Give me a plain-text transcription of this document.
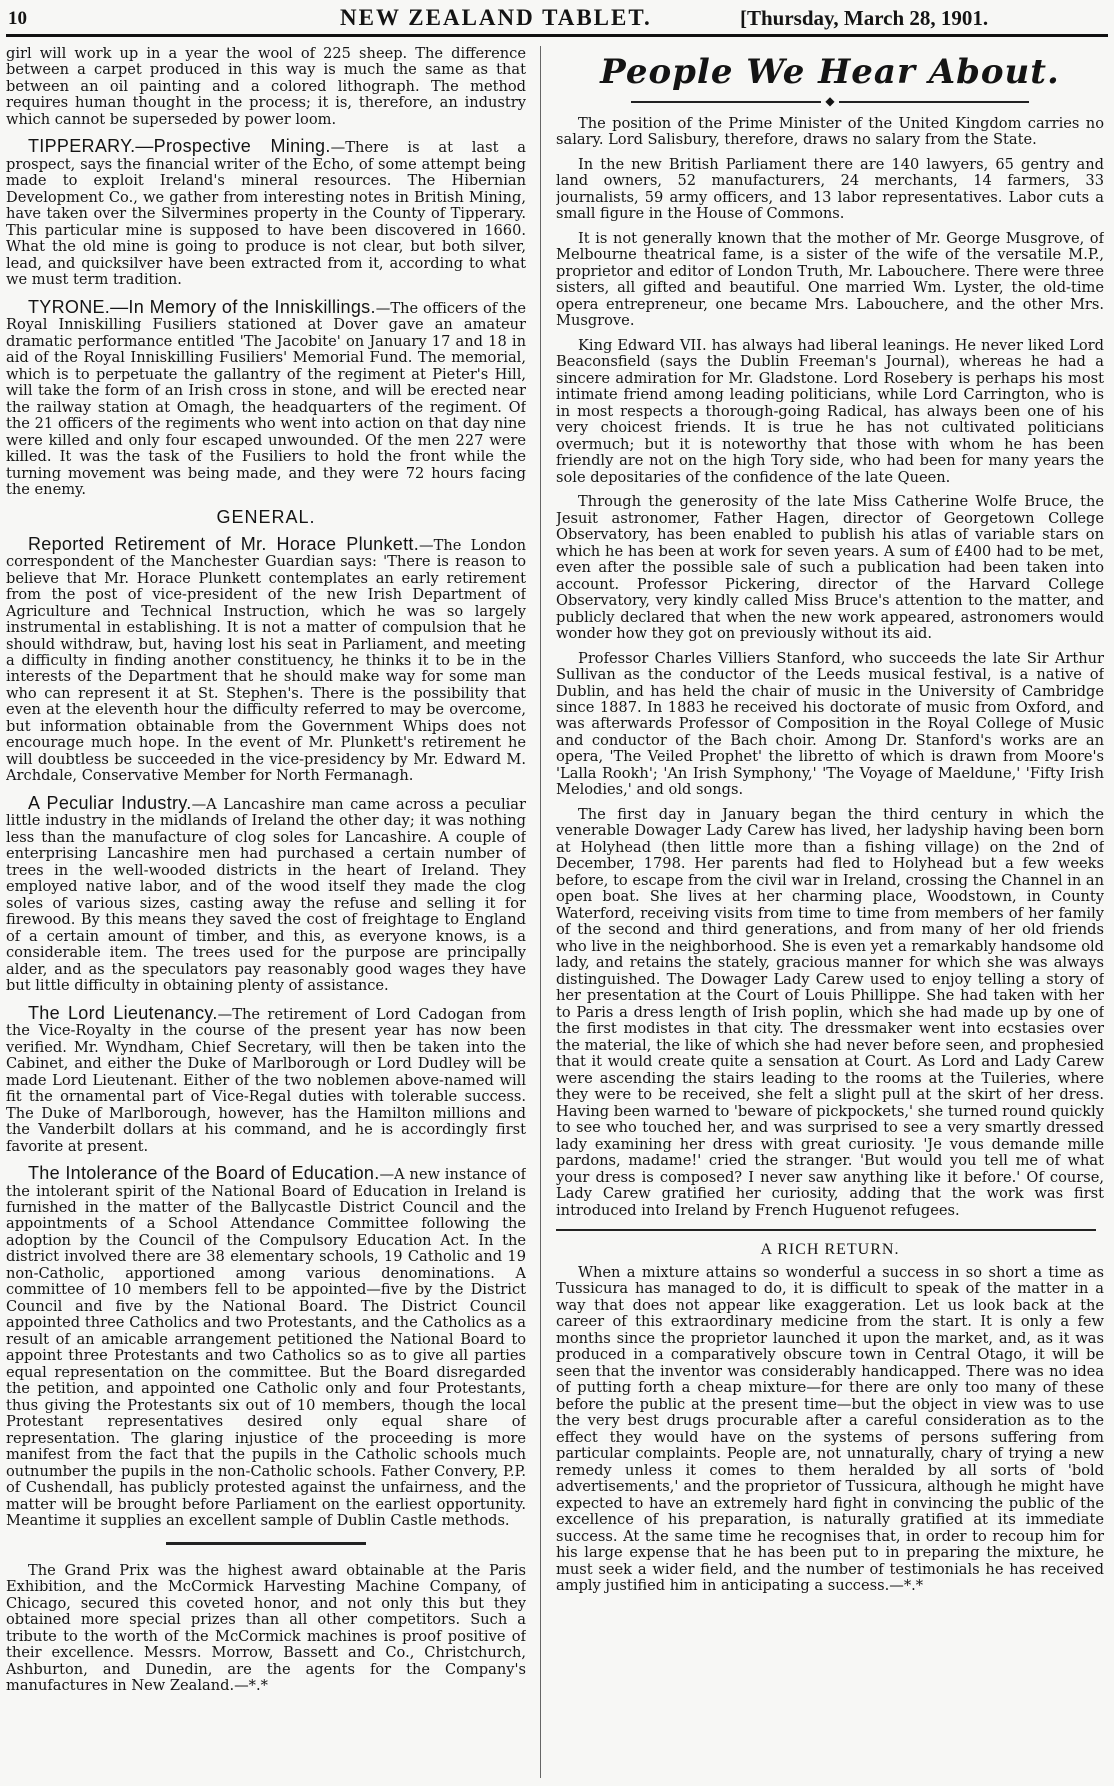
10	NEW ZEALAND TABLET.	[Thursday, March 28, 1901.

girl will work up in a year the wool of 225 sheep. The difference between a carpet produced in this way is much the same as that between an oil painting and a colored lithograph. The method requires human thought in the process; it is, therefore, an industry which cannot be superseded by power loom.

TIPPERARY.—Prospective Mining.—There is at last a prospect, says the financial writer of the Echo, of some attempt being made to exploit Ireland's mineral resources. The Hibernian Development Co., we gather from interesting notes in British Mining, have taken over the Silvermines property in the County of Tipperary. This particular mine is supposed to have been discovered in 1660. What the old mine is going to produce is not clear, but both silver, lead, and quicksilver have been extracted from it, according to what we must term tradition.

TYRONE.—In Memory of the Inniskillings.—The officers of the Royal Inniskilling Fusiliers stationed at Dover gave an amateur dramatic performance entitled 'The Jacobite' on January 17 and 18 in aid of the Royal Inniskilling Fusiliers' Memorial Fund. The memorial, which is to perpetuate the gallantry of the regiment at Pieter's Hill, will take the form of an Irish cross in stone, and will be erected near the railway station at Omagh, the headquarters of the regiment. Of the 21 officers of the regiments who went into action on that day nine were killed and only four escaped unwounded. Of the men 227 were killed. It was the task of the Fusiliers to hold the front while the turning movement was being made, and they were 72 hours facing the enemy.

GENERAL.

Reported Retirement of Mr. Horace Plunkett.—The London correspondent of the Manchester Guardian says: 'There is reason to believe that Mr. Horace Plunkett contemplates an early retirement from the post of vice-president of the new Irish Department of Agriculture and Technical Instruction, which he was so largely instrumental in establishing. It is not a matter of compulsion that he should withdraw, but, having lost his seat in Parliament, and meeting a difficulty in finding another constituency, he thinks it to be in the interests of the Department that he should make way for some man who can represent it at St. Stephen's. There is the possibility that even at the eleventh hour the difficulty referred to may be overcome, but information obtainable from the Government Whips does not encourage much hope. In the event of Mr. Plunkett's retirement he will doubtless be succeeded in the vice-presidency by Mr. Edward M. Archdale, Conservative Member for North Fermanagh.

A Peculiar Industry.—A Lancashire man came across a peculiar little industry in the midlands of Ireland the other day; it was nothing less than the manufacture of clog soles for Lancashire. A couple of enterprising Lancashire men had purchased a certain number of trees in the well-wooded districts in the heart of Ireland. They employed native labor, and of the wood itself they made the clog soles of various sizes, casting away the refuse and selling it for firewood. By this means they saved the cost of freightage to England of a certain amount of timber, and this, as everyone knows, is a considerable item. The trees used for the purpose are principally alder, and as the speculators pay reasonably good wages they have but little difficulty in obtaining plenty of assistance.

The Lord Lieutenancy.—The retirement of Lord Cadogan from the Vice-Royalty in the course of the present year has now been verified. Mr. Wyndham, Chief Secretary, will then be taken into the Cabinet, and either the Duke of Marlborough or Lord Dudley will be made Lord Lieutenant. Either of the two noblemen above-named will fit the ornamental part of Vice-Regal duties with tolerable success. The Duke of Marlborough, however, has the Hamilton millions and the Vanderbilt dollars at his command, and he is accordingly first favorite at present.

The Intolerance of the Board of Education.—A new instance of the intolerant spirit of the National Board of Education in Ireland is furnished in the matter of the Ballycastle District Council and the appointments of a School Attendance Committee following the adoption by the Council of the Compulsory Education Act. In the district involved there are 38 elementary schools, 19 Catholic and 19 non-Catholic, apportioned among various denominations. A committee of 10 members fell to be appointed—five by the District Council and five by the National Board. The District Council appointed three Catholics and two Protestants, and the Catholics as a result of an amicable arrangement petitioned the National Board to appoint three Protestants and two Catholics so as to give all parties equal representation on the committee. But the Board disregarded the petition, and appointed one Catholic only and four Protestants, thus giving the Protestants six out of 10 members, though the local Protestant representatives desired only equal share of representation. The glaring injustice of the proceeding is more manifest from the fact that the pupils in the Catholic schools much outnumber the pupils in the non-Catholic schools. Father Convery, P.P. of Cushendall, has publicly protested against the unfairness, and the matter will be brought before Parliament on the earliest opportunity. Meantime it supplies an excellent sample of Dublin Castle methods.

The Grand Prix was the highest award obtainable at the Paris Exhibition, and the McCormick Harvesting Machine Company, of Chicago, secured this coveted honor, and not only this but they obtained more special prizes than all other competitors. Such a tribute to the worth of the McCormick machines is proof positive of their excellence. Messrs. Morrow, Bassett and Co., Christchurch, Ashburton, and Dunedin, are the agents for the Company's manufactures in New Zealand.—*.*

People We Hear About.
◆

The position of the Prime Minister of the United Kingdom carries no salary. Lord Salisbury, therefore, draws no salary from the State.

In the new British Parliament there are 140 lawyers, 65 gentry and land owners, 52 manufacturers, 24 merchants, 14 farmers, 33 journalists, 59 army officers, and 13 labor representatives. Labor cuts a small figure in the House of Commons.

It is not generally known that the mother of Mr. George Musgrove, of Melbourne theatrical fame, is a sister of the wife of the versatile M.P., proprietor and editor of London Truth, Mr. Labouchere. There were three sisters, all gifted and beautiful. One married Wm. Lyster, the old-time opera entrepreneur, one became Mrs. Labouchere, and the other Mrs. Musgrove.

King Edward VII. has always had liberal leanings. He never liked Lord Beaconsfield (says the Dublin Freeman's Journal), whereas he had a sincere admiration for Mr. Gladstone. Lord Rosebery is perhaps his most intimate friend among leading politicians, while Lord Carrington, who is in most respects a thorough-going Radical, has always been one of his very choicest friends. It is true he has not cultivated politicians overmuch; but it is noteworthy that those with whom he has been friendly are not on the high Tory side, who had been for many years the sole depositaries of the confidence of the late Queen.

Through the generosity of the late Miss Catherine Wolfe Bruce, the Jesuit astronomer, Father Hagen, director of Georgetown College Observatory, has been enabled to publish his atlas of variable stars on which he has been at work for seven years. A sum of £400 had to be met, even after the possible sale of such a publication had been taken into account. Professor Pickering, director of the Harvard College Observatory, very kindly called Miss Bruce's attention to the matter, and publicly declared that when the new work appeared, astronomers would wonder how they got on previously without its aid.

Professor Charles Villiers Stanford, who succeeds the late Sir Arthur Sullivan as the conductor of the Leeds musical festival, is a native of Dublin, and has held the chair of music in the University of Cambridge since 1887. In 1883 he received his doctorate of music from Oxford, and was afterwards Professor of Composition in the Royal College of Music and conductor of the Bach choir. Among Dr. Stanford's works are an opera, 'The Veiled Prophet' the libretto of which is drawn from Moore's 'Lalla Rookh'; 'An Irish Symphony,' 'The Voyage of Maeldune,' 'Fifty Irish Melodies,' and old songs.

The first day in January began the third century in which the venerable Dowager Lady Carew has lived, her ladyship having been born at Holyhead (then little more than a fishing village) on the 2nd of December, 1798. Her parents had fled to Holyhead but a few weeks before, to escape from the civil war in Ireland, crossing the Channel in an open boat. She lives at her charming place, Woodstown, in County Waterford, receiving visits from time to time from members of her family of the second and third generations, and from many of her old friends who live in the neighborhood. She is even yet a remarkably handsome old lady, and retains the stately, gracious manner for which she was always distinguished. The Dowager Lady Carew used to enjoy telling a story of her presentation at the Court of Louis Phillippe. She had taken with her to Paris a dress length of Irish poplin, which she had made up by one of the first modistes in that city. The dressmaker went into ecstasies over the material, the like of which she had never before seen, and prophesied that it would create quite a sensation at Court. As Lord and Lady Carew were ascending the stairs leading to the rooms at the Tuileries, where they were to be received, she felt a slight pull at the skirt of her dress. Having been warned to 'beware of pickpockets,' she turned round quickly to see who touched her, and was surprised to see a very smartly dressed lady examining her dress with great curiosity. 'Je vous demande mille pardons, madame!' cried the stranger. 'But would you tell me of what your dress is composed? I never saw anything like it before.' Of course, Lady Carew gratified her curiosity, adding that the work was first introduced into Ireland by French Huguenot refugees.

A RICH RETURN.

When a mixture attains so wonderful a success in so short a time as Tussicura has managed to do, it is difficult to speak of the matter in a way that does not appear like exaggeration. Let us look back at the career of this extraordinary medicine from the start. It is only a few months since the proprietor launched it upon the market, and, as it was produced in a comparatively obscure town in Central Otago, it will be seen that the inventor was considerably handicapped. There was no idea of putting forth a cheap mixture—for there are only too many of these before the public at the present time—but the object in view was to use the very best drugs procurable after a careful consideration as to the effect they would have on the systems of persons suffering from particular complaints. People are, not unnaturally, chary of trying a new remedy unless it comes to them heralded by all sorts of 'bold advertisements,' and the proprietor of Tussicura, although he might have expected to have an extremely hard fight in convincing the public of the excellence of his preparation, is naturally gratified at its immediate success. At the same time he recognises that, in order to recoup him for his large expense that he has been put to in preparing the mixture, he must seek a wider field, and the number of testimonials he has received amply justified him in anticipating a success.—*.*
